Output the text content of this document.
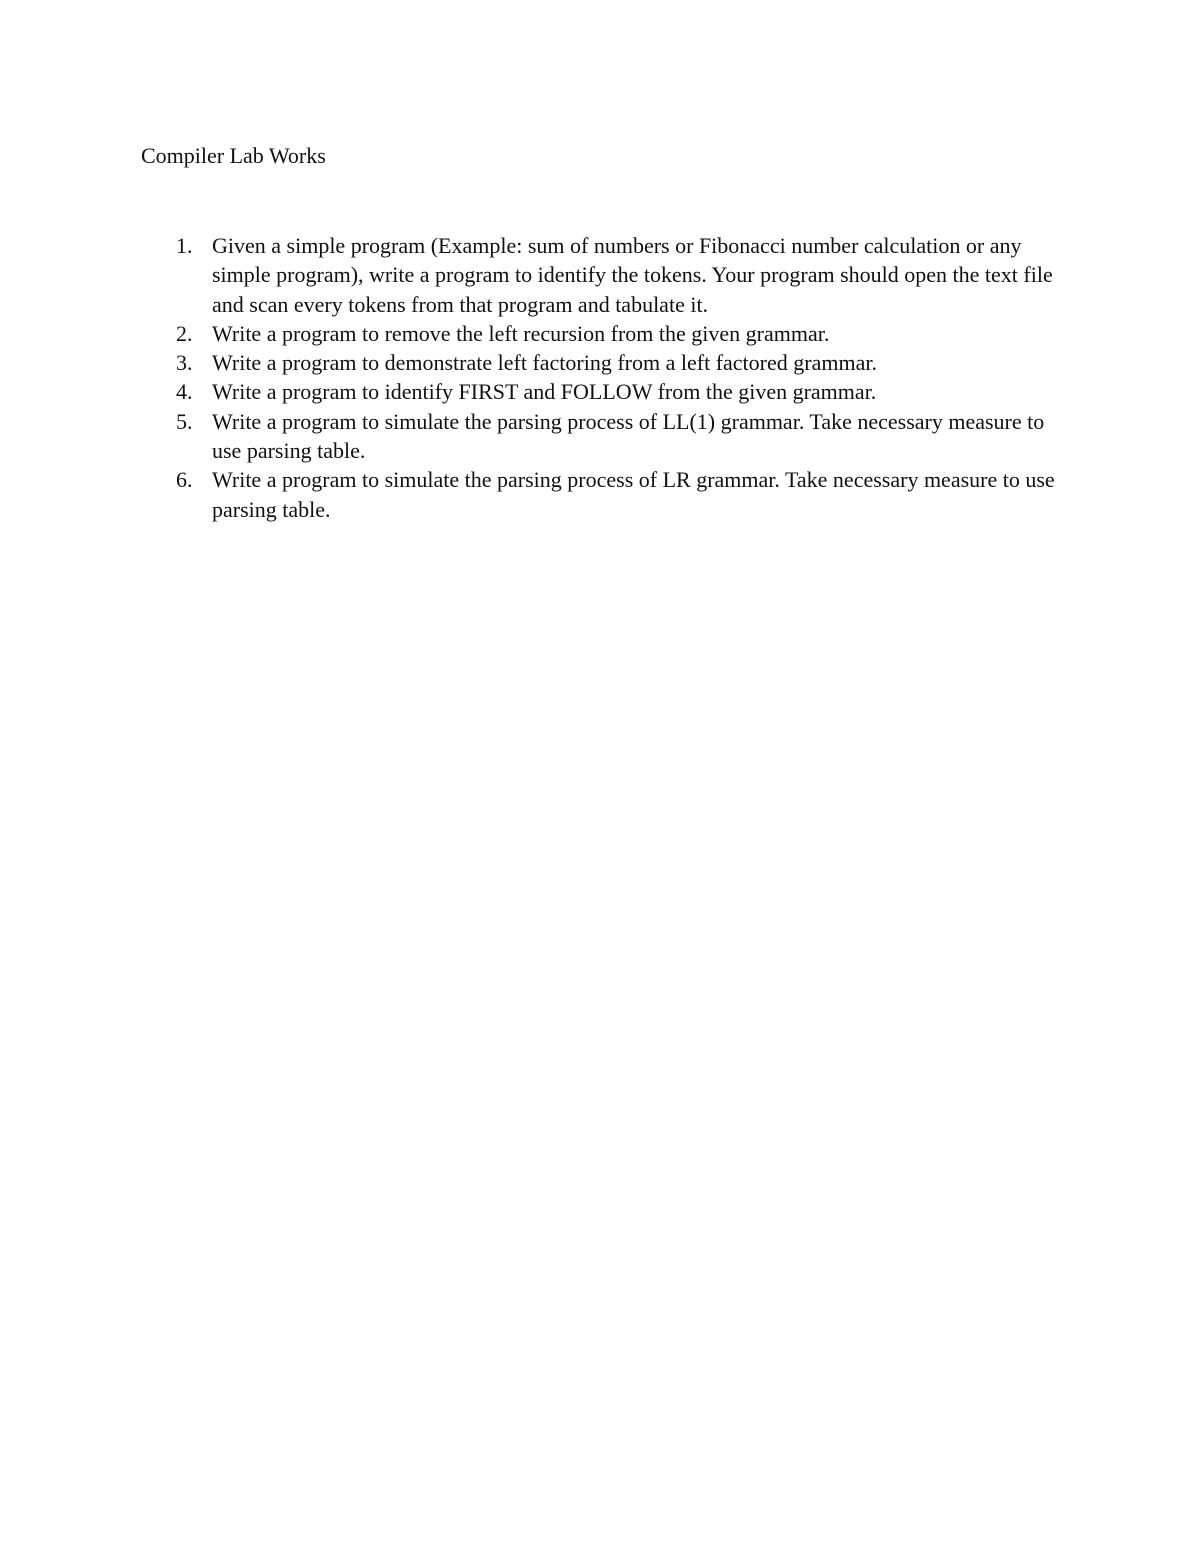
Compiler Lab Works
1. Given a simple program (Example: sum of numbers or Fibonacci number calculation or any simple program), write a program to identify the tokens. Your program should open the text file and scan every tokens from that program and tabulate it.
2. Write a program to remove the left recursion from the given grammar.
3. Write a program to demonstrate left factoring from a left factored grammar.
4. Write a program to identify FIRST and FOLLOW from the given grammar.
5. Write a program to simulate the parsing process of LL(1) grammar. Take necessary measure to use parsing table.
6. Write a program to simulate the parsing process of LR grammar. Take necessary measure to use parsing table.
